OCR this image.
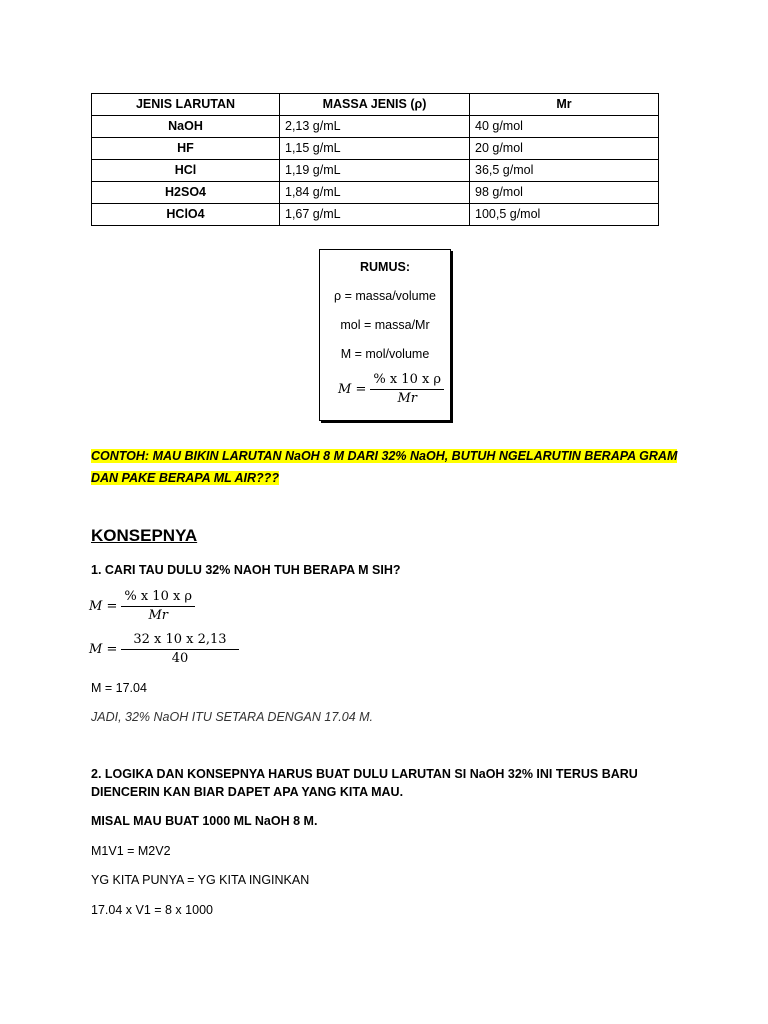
JENIS LARUTAN	MASSA JENIS (ρ)	Mr
NaOH	2,13 g/mL	40 g/mol
HF	1,15 g/mL	20 g/mol
HCl	1,19 g/mL	36,5 g/mol
H2SO4	1,84 g/mL	98 g/mol
HClO4	1,67 g/mL	100,5 g/mol
RUMUS:
ρ = massa/volume
mol = massa/Mr
M = mol/volume
$M = \frac{\text{\% x 10 x ρ}}{Mr}$
CONTOH: MAU BIKIN LARUTAN NaOH 8 M DARI 32% NaOH, BUTUH NGELARUTIN BERAPA GRAM DAN PAKE BERAPA ML AIR???
KONSEPNYA
1. CARI TAU DULU 32% NAOH TUH BERAPA M SIH?
$M = \frac{\text{\% x 10 x ρ}}{Mr}$
$M = \frac{32 x 10 x 2,13}{40}$
M = 17.04
JADI, 32% NaOH ITU SETARA DENGAN 17.04 M.
2. LOGIKA DAN KONSEPNYA HARUS BUAT DULU LARUTAN SI NaOH 32% INI TERUS BARU DIENCERIN KAN BIAR DAPET APA YANG KITA MAU.
MISAL MAU BUAT 1000 ML NaOH 8 M.
M1V1 = M2V2
YG KITA PUNYA = YG KITA INGINKAN
17.04 x V1 = 8 x 1000
